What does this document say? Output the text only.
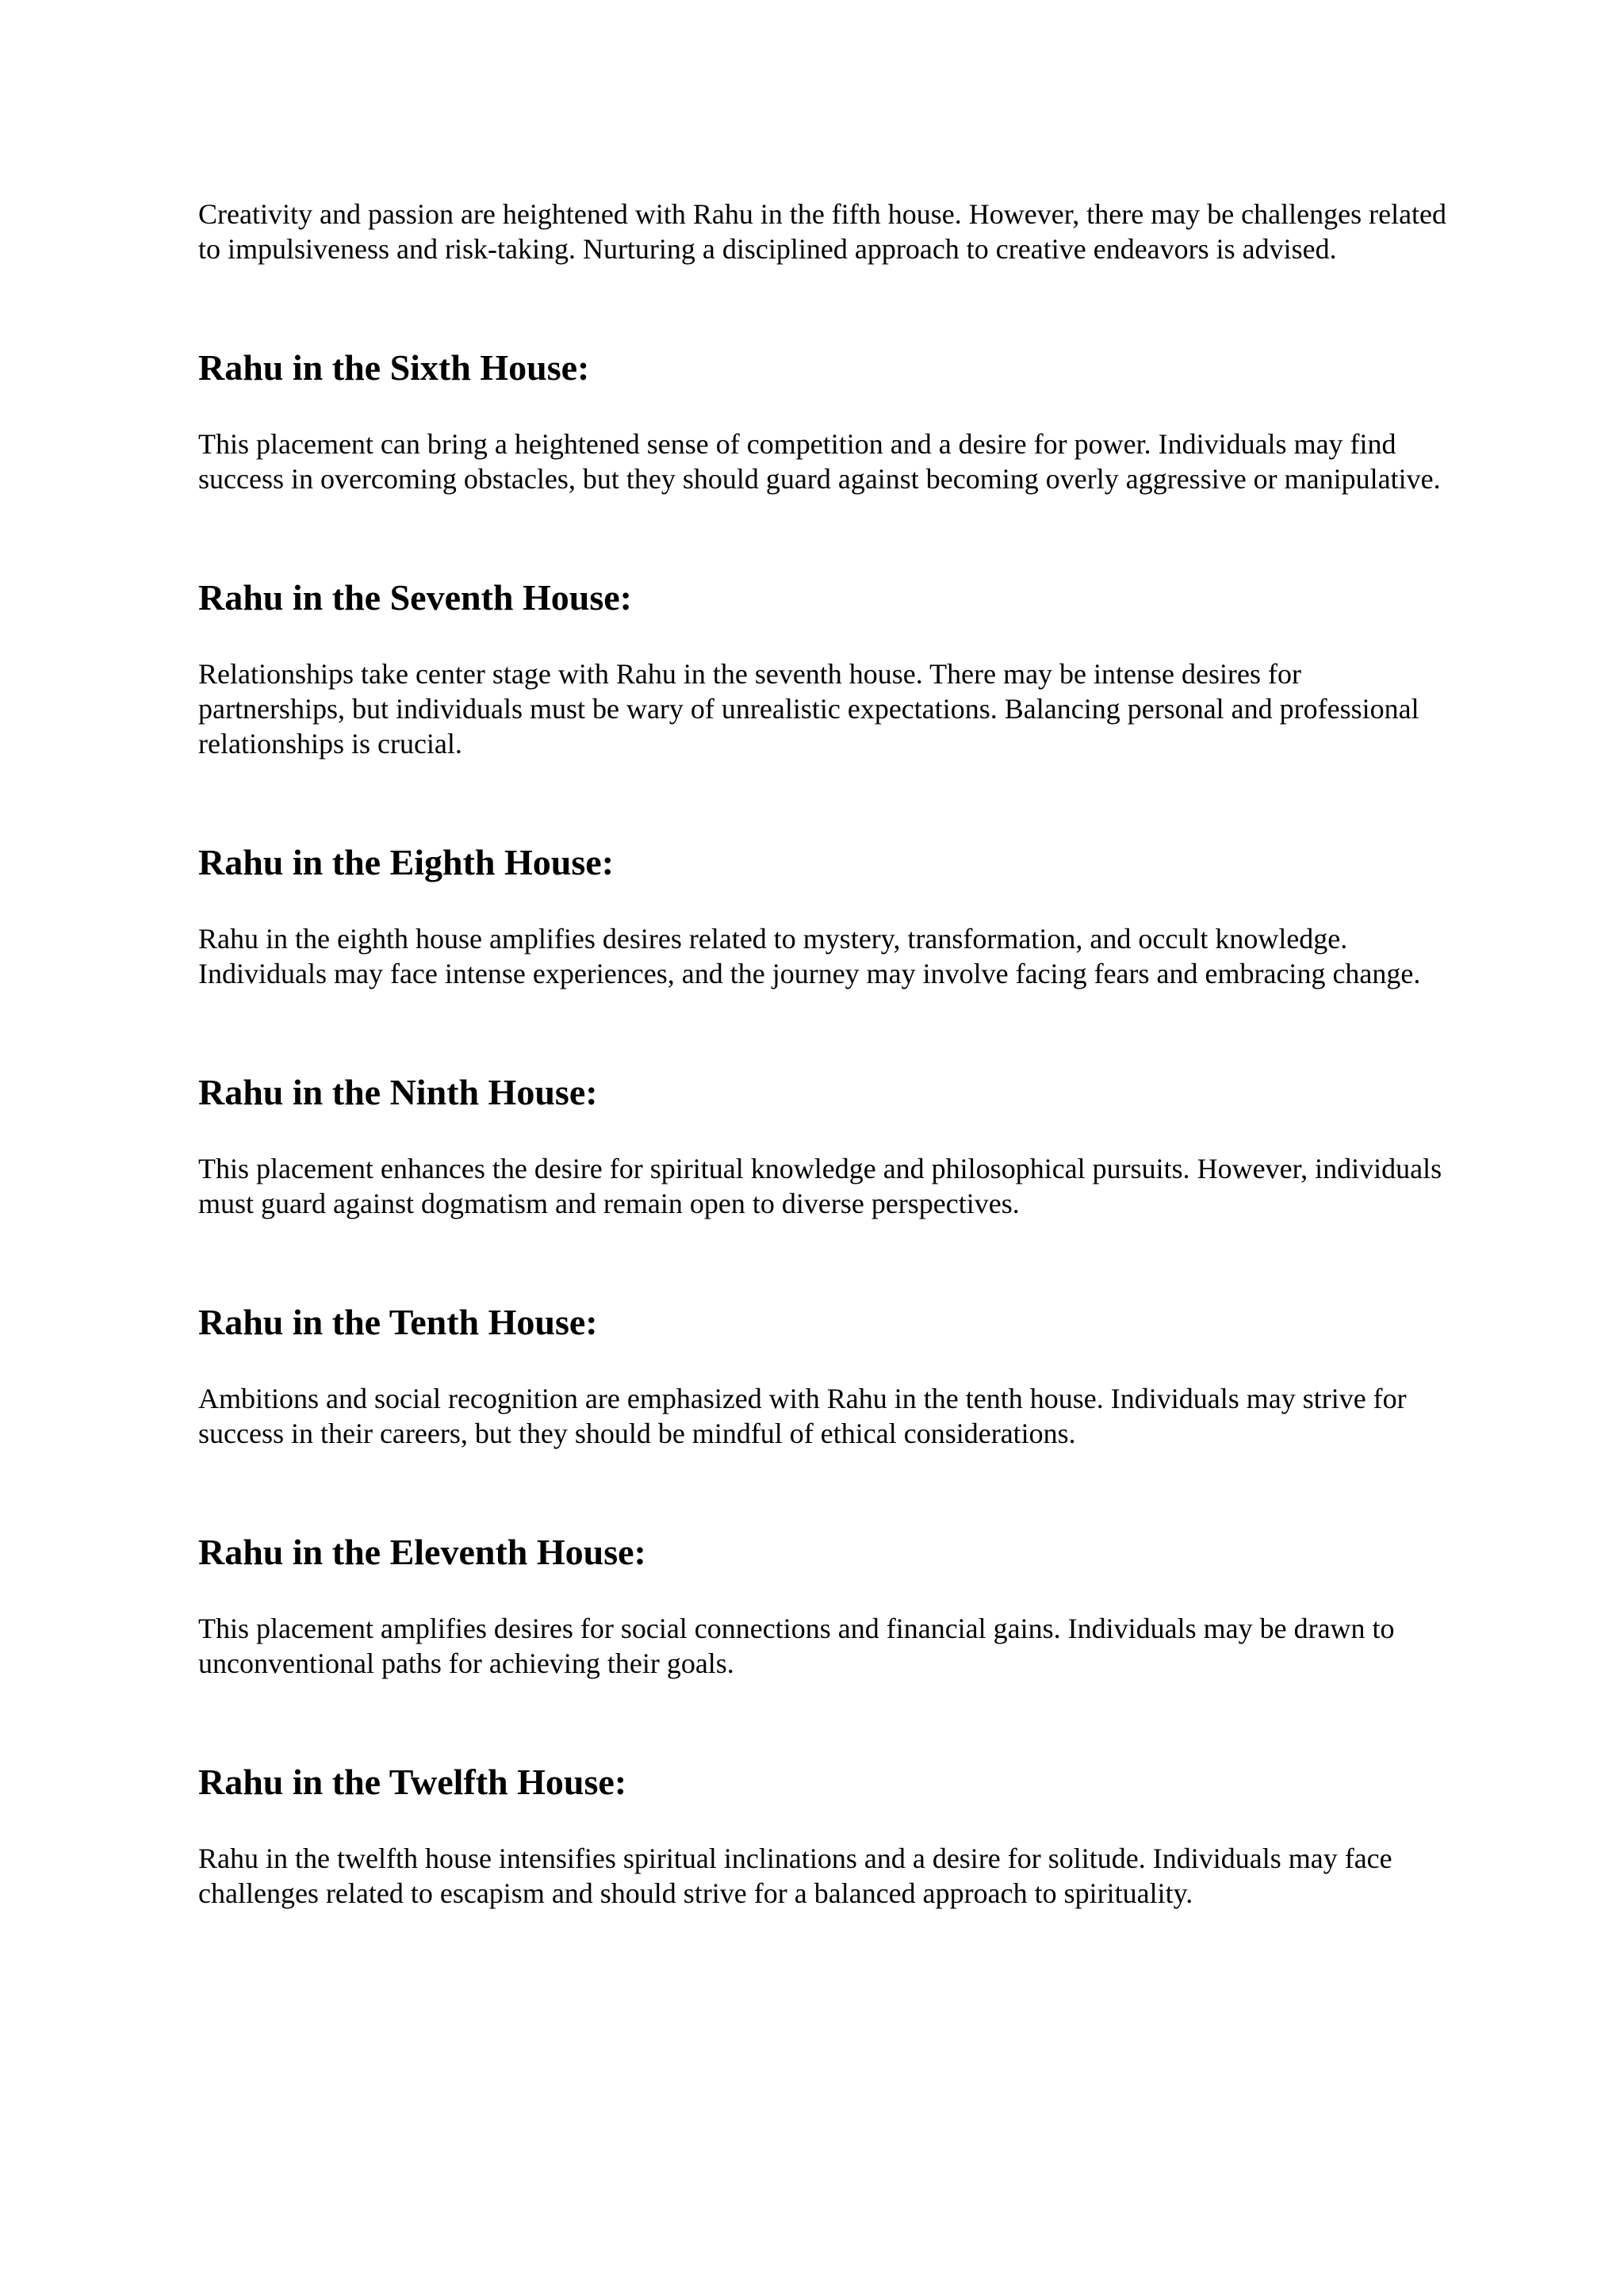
Creativity and passion are heightened with Rahu in the fifth house. However, there may be challenges related to impulsiveness and risk-taking. Nurturing a disciplined approach to creative endeavors is advised.

Rahu in the Sixth House:

This placement can bring a heightened sense of competition and a desire for power. Individuals may find success in overcoming obstacles, but they should guard against becoming overly aggressive or manipulative.

Rahu in the Seventh House:

Relationships take center stage with Rahu in the seventh house. There may be intense desires for partnerships, but individuals must be wary of unrealistic expectations. Balancing personal and professional relationships is crucial.

Rahu in the Eighth House:

Rahu in the eighth house amplifies desires related to mystery, transformation, and occult knowledge. Individuals may face intense experiences, and the journey may involve facing fears and embracing change.

Rahu in the Ninth House:

This placement enhances the desire for spiritual knowledge and philosophical pursuits. However, individuals must guard against dogmatism and remain open to diverse perspectives.

Rahu in the Tenth House:

Ambitions and social recognition are emphasized with Rahu in the tenth house. Individuals may strive for success in their careers, but they should be mindful of ethical considerations.

Rahu in the Eleventh House:

This placement amplifies desires for social connections and financial gains. Individuals may be drawn to unconventional paths for achieving their goals.

Rahu in the Twelfth House:

Rahu in the twelfth house intensifies spiritual inclinations and a desire for solitude. Individuals may face challenges related to escapism and should strive for a balanced approach to spirituality.
